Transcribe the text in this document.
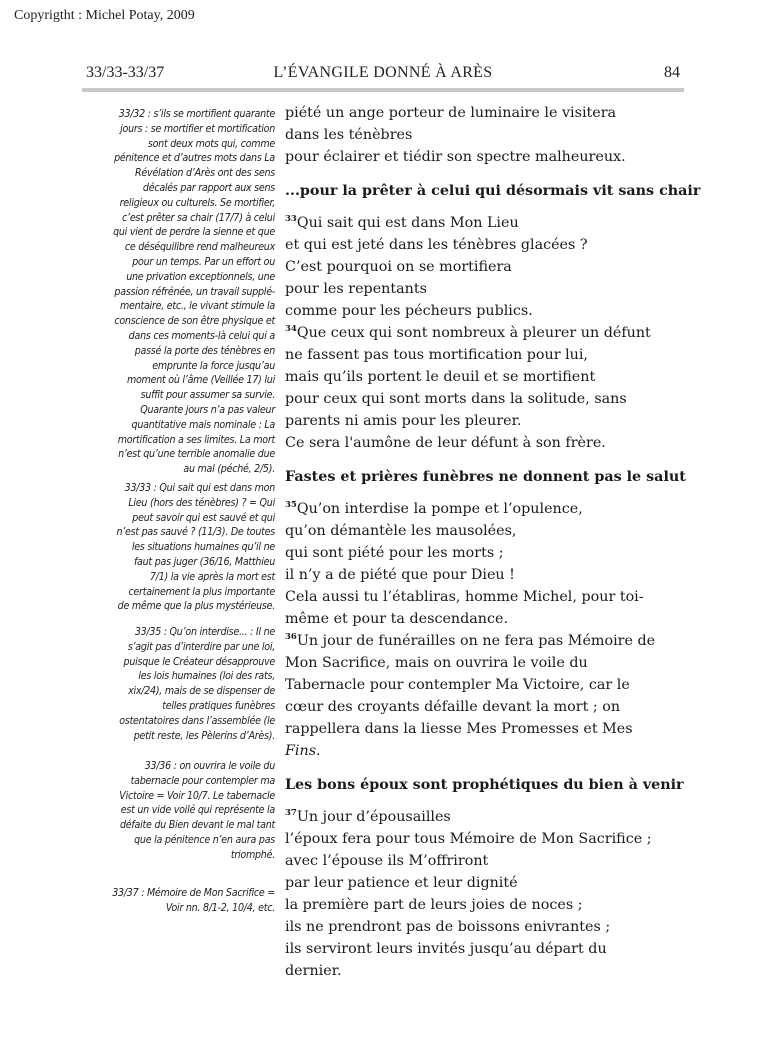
Copyrigtht : Michel Potay, 2009
33/33-33/37	L’ÉVANGILE DONNÉ À ARÈS	84
33/32 : s’ils se mortifient quarante
jours : se mortifier et mortification
sont deux mots qui, comme
pénitence et d’autres mots dans La
Révélation d’Arès ont des sens
décalés par rapport aux sens
religieux ou culturels. Se mortifier,
c’est prêter sa chair (17/7) à celui
qui vient de perdre la sienne et que
ce déséquilibre rend malheureux
pour un temps. Par un effort ou
une privation exceptionnels, une
passion réfrénée, un travail supplé-
mentaire, etc., le vivant stimule la
conscience de son être physique et
dans ces moments-là celui qui a
passé la porte des ténèbres en
emprunte la force jusqu’au
moment où l’âme (Veillée 17) lui
suffit pour assumer sa survie.
Quarante jours n’a pas valeur
quantitative mais nominale : La
mortification a ses limites. La mort
n’est qu’une terrible anomalie due
au mal (péché, 2/5).
33/33 : Qui sait qui est dans mon
Lieu (hors des ténèbres) ? = Qui
peut savoir qui est sauvé et qui
n’est pas sauvé ? (11/3). De toutes
les situations humaines qu’il ne
faut pas juger (36/16, Matthieu
7/1) la vie après la mort est
certainement la plus importante
de même que la plus mystérieuse.
33/35 : Qu’on interdise... : Il ne
s’agit pas d’interdire par une loi,
puisque le Créateur désapprouve
les lois humaines (loi des rats,
xix/24), mais de se dispenser de
telles pratiques funèbres
ostentatoires dans l’assemblée (le
petit reste, les Pèlerins d’Arès).
33/36 : on ouvrira le voile du
tabernacle pour contempler ma
Victoire = Voir 10/7. Le tabernacle
est un vide voilé qui représente la
défaite du Bien devant le mal tant
que la pénitence n’en aura pas
triomphé.
33/37 : Mémoire de Mon Sacrifice =
Voir nn. 8/1-2, 10/4, etc.
piété un ange porteur de luminaire le visitera
dans les ténèbres
pour éclairer et tiédir son spectre malheureux.
...pour la prêter à celui qui désormais vit sans chair
$^{33}$Qui sait qui est dans Mon Lieu
et qui est jeté dans les ténèbres glacées ?
C’est pourquoi on se mortifiera
pour les repentants
comme pour les pécheurs publics.
$^{34}$Que ceux qui sont nombreux à pleurer un défunt
ne fassent pas tous mortification pour lui,
mais qu’ils portent le deuil et se mortifient
pour ceux qui sont morts dans la solitude, sans
parents ni amis pour les pleurer.
Ce sera l'aumône de leur défunt à son frère.
Fastes et prières funèbres ne donnent pas le salut
$^{35}$Qu’on interdise la pompe et l’opulence,
qu’on démantèle les mausolées,
qui sont piété pour les morts ;
il n’y a de piété que pour Dieu !
Cela aussi tu l’établiras, homme Michel, pour toi-
même et pour ta descendance.
$^{36}$Un jour de funérailles on ne fera pas Mémoire de
Mon Sacrifice, mais on ouvrira le voile du
Tabernacle pour contempler Ma Victoire, car le
cœur des croyants défaille devant la mort ; on
rappellera dans la liesse Mes Promesses et Mes
Fins.
Les bons époux sont prophétiques du bien à venir
$^{37}$Un jour d’épousailles
l’époux fera pour tous Mémoire de Mon Sacrifice ;
avec l’épouse ils M’offriront
par leur patience et leur dignité
la première part de leurs joies de noces ;
ils ne prendront pas de boissons enivrantes ;
ils serviront leurs invités jusqu’au départ du
dernier.
